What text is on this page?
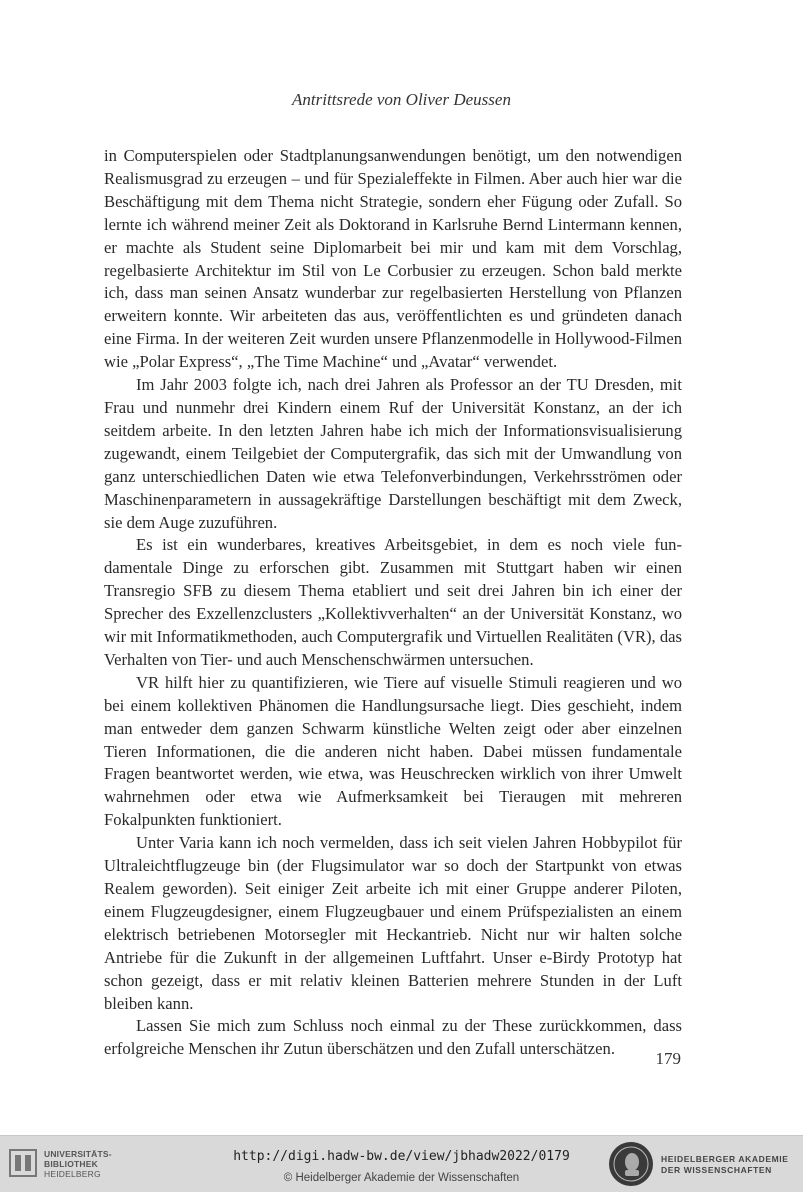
Antrittsrede von Oliver Deussen

in Computerspielen oder Stadtplanungsanwendungen benötigt, um den notwendigen Realismusgrad zu erzeugen – und für Spezialeffekte in Filmen. Aber auch hier war die Beschäftigung mit dem Thema nicht Strategie, sondern eher Fügung oder Zufall. So lernte ich während meiner Zeit als Doktorand in Karlsruhe Bernd Lintermann kennen, er machte als Student seine Diplomarbeit bei mir und kam mit dem Vorschlag, regelbasierte Architektur im Stil von Le Corbusier zu erzeugen. Schon bald merkte ich, dass man seinen Ansatz wunderbar zur regelbasierten Herstellung von Pflanzen erweitern konnte. Wir arbeiteten das aus, veröffentlichten es und gründeten danach eine Firma. In der weiteren Zeit wurden unsere Pflanzenmodelle in Hollywood-Filmen wie „Polar Express“, „The Time Machine“ und „Avatar“ verwendet.

Im Jahr 2003 folgte ich, nach drei Jahren als Professor an der TU Dresden, mit Frau und nunmehr drei Kindern einem Ruf der Universität Konstanz, an der ich seitdem arbeite. In den letzten Jahren habe ich mich der Informationsvisualisierung zugewandt, einem Teilgebiet der Computergrafik, das sich mit der Umwandlung von ganz unterschiedlichen Daten wie etwa Telefonverbindungen, Verkehrsströmen oder Maschinenparametern in aussagekräftige Darstellungen beschäftigt mit dem Zweck, sie dem Auge zuzuführen.

Es ist ein wunderbares, kreatives Arbeitsgebiet, in dem es noch viele fundamentale Dinge zu erforschen gibt. Zusammen mit Stuttgart haben wir einen Transregio SFB zu diesem Thema etabliert und seit drei Jahren bin ich einer der Sprecher des Exzellenzclusters „Kollektivverhalten“ an der Universität Konstanz, wo wir mit Informatikmethoden, auch Computergrafik und Virtuellen Realitäten (VR), das Verhalten von Tier- und auch Menschenschwärmen untersuchen.

VR hilft hier zu quantifizieren, wie Tiere auf visuelle Stimuli reagieren und wo bei einem kollektiven Phänomen die Handlungsursache liegt. Dies geschieht, indem man entweder dem ganzen Schwarm künstliche Welten zeigt oder aber einzelnen Tieren Informationen, die die anderen nicht haben. Dabei müssen fundamentale Fragen beantwortet werden, wie etwa, was Heuschrecken wirklich von ihrer Umwelt wahrnehmen oder etwa wie Aufmerksamkeit bei Tieraugen mit mehreren Fokalpunkten funktioniert.

Unter Varia kann ich noch vermelden, dass ich seit vielen Jahren Hobbypilot für Ultraleichtflugzeuge bin (der Flugsimulator war so doch der Startpunkt von etwas Realem geworden). Seit einiger Zeit arbeite ich mit einer Gruppe anderer Piloten, einem Flugzeugdesigner, einem Flugzeugbauer und einem Prüfspezialisten an einem elektrisch betriebenen Motorsegler mit Heckantrieb. Nicht nur wir halten solche Antriebe für die Zukunft in der allgemeinen Luftfahrt. Unser e-Birdy Prototyp hat schon gezeigt, dass er mit relativ kleinen Batterien mehrere Stunden in der Luft bleiben kann.

Lassen Sie mich zum Schluss noch einmal zu der These zurückkommen, dass erfolgreiche Menschen ihr Zutun überschätzen und den Zufall unterschätzen.

179
UNIVERSITÄTS-
BIBLIOTHEK
HEIDELBERG
http://digi.hadw-bw.de/view/jbhadw2022/0179
© Heidelberger Akademie der Wissenschaften
HEIDELBERGER AKADEMIE
DER WISSENSCHAFTEN
